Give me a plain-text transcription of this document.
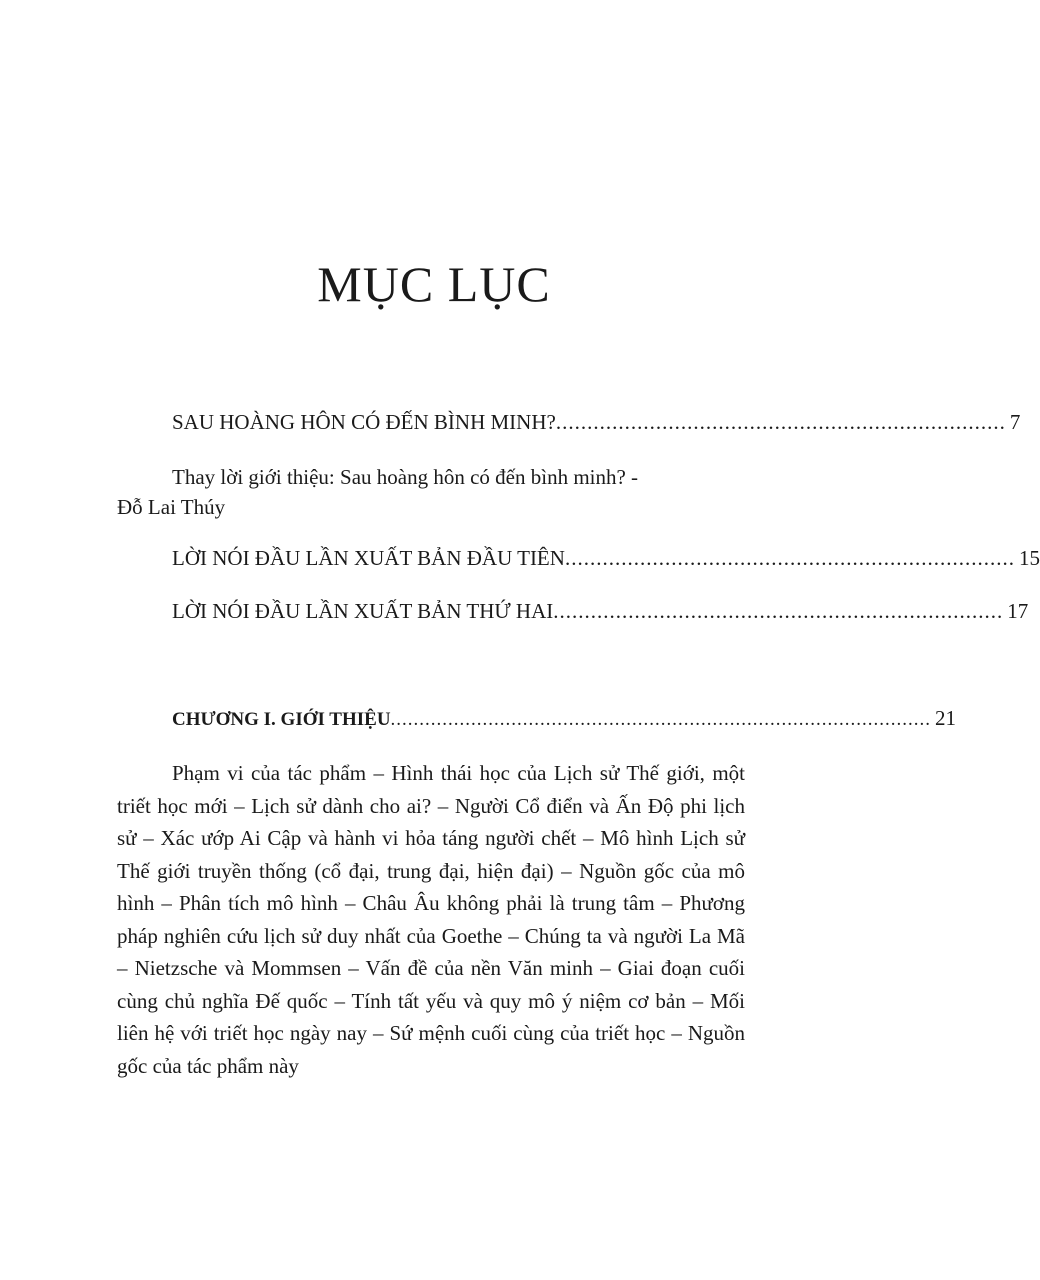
MỤC LỤC
SAU HOÀNG HÔN CÓ ĐẾN BÌNH MINH? ........................................................................ 7
Thay lời giới thiệu: Sau hoàng hôn có đến bình minh? -
Đỗ Lai Thúy
LỜI NÓI ĐẦU LẦN XUẤT BẢN ĐẦU TIÊN ........................................................................ 15
LỜI NÓI ĐẦU LẦN XUẤT BẢN THỨ HAI ........................................................................ 17
CHƯƠNG I. GIỚI THIỆU .............................................................................................. 21

Phạm vi của tác phẩm – Hình thái học của Lịch sử Thế giới, một triết học mới – Lịch sử dành cho ai? – Người Cổ điển và Ấn Độ phi lịch sử – Xác ướp Ai Cập và hành vi hỏa táng người chết – Mô hình Lịch sử Thế giới truyền thống (cổ đại, trung đại, hiện đại) – Nguồn gốc của mô hình – Phân tích mô hình – Châu Âu không phải là trung tâm – Phương pháp nghiên cứu lịch sử duy nhất của Goethe – Chúng ta và người La Mã – Nietzsche và Mommsen – Vấn đề của nền Văn minh – Giai đoạn cuối cùng chủ nghĩa Đế quốc – Tính tất yếu và quy mô ý niệm cơ bản – Mối liên hệ với triết học ngày nay – Sứ mệnh cuối cùng của triết học – Nguồn gốc của tác phẩm này
